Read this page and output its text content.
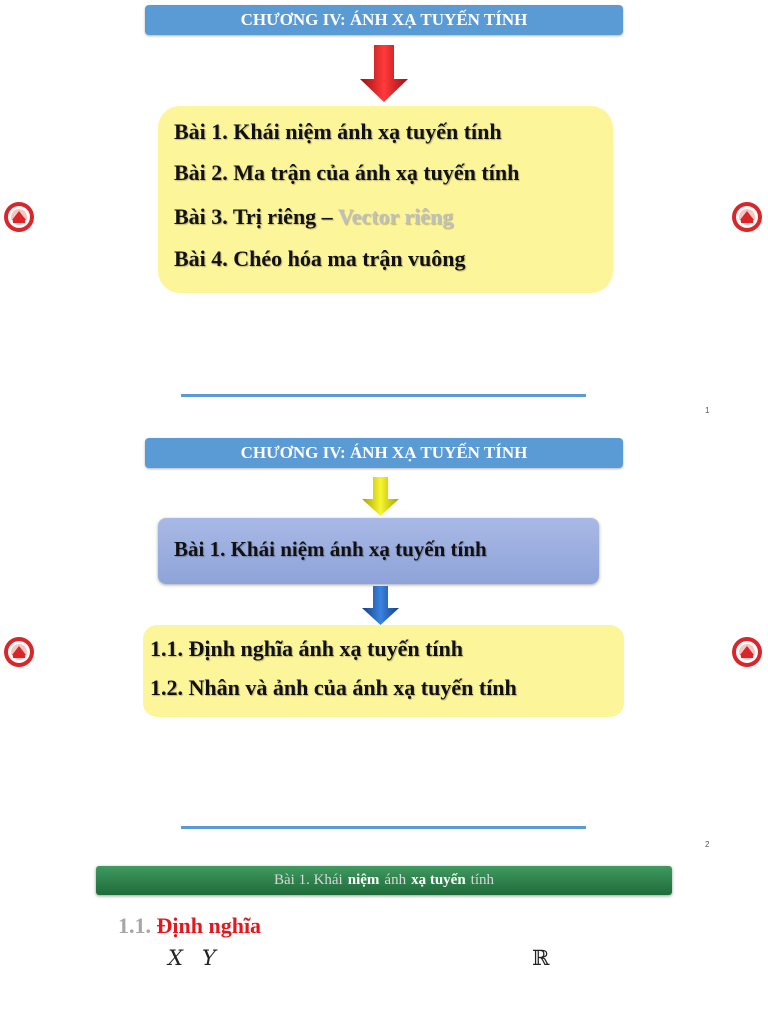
CHƯƠNG IV: ÁNH XẠ TUYẾN TÍNH
Bài 1. Khái niệm ánh xạ tuyến tính
Bài 2. Ma trận của ánh xạ tuyến tính
Bài 3. Trị riêng – Vector riêng
Bài 4. Chéo hóa ma trận vuông
1
CHƯƠNG IV: ÁNH XẠ TUYẾN TÍNH
Bài 1. Khái niệm ánh xạ tuyến tính
1.1. Định nghĩa ánh xạ tuyến tính
1.2. Nhân và ảnh của ánh xạ tuyến tính
2
Bài 1. Khái niệm ánh xạ tuyến tính
1.1. Định nghĩa
X Y	ℝ
